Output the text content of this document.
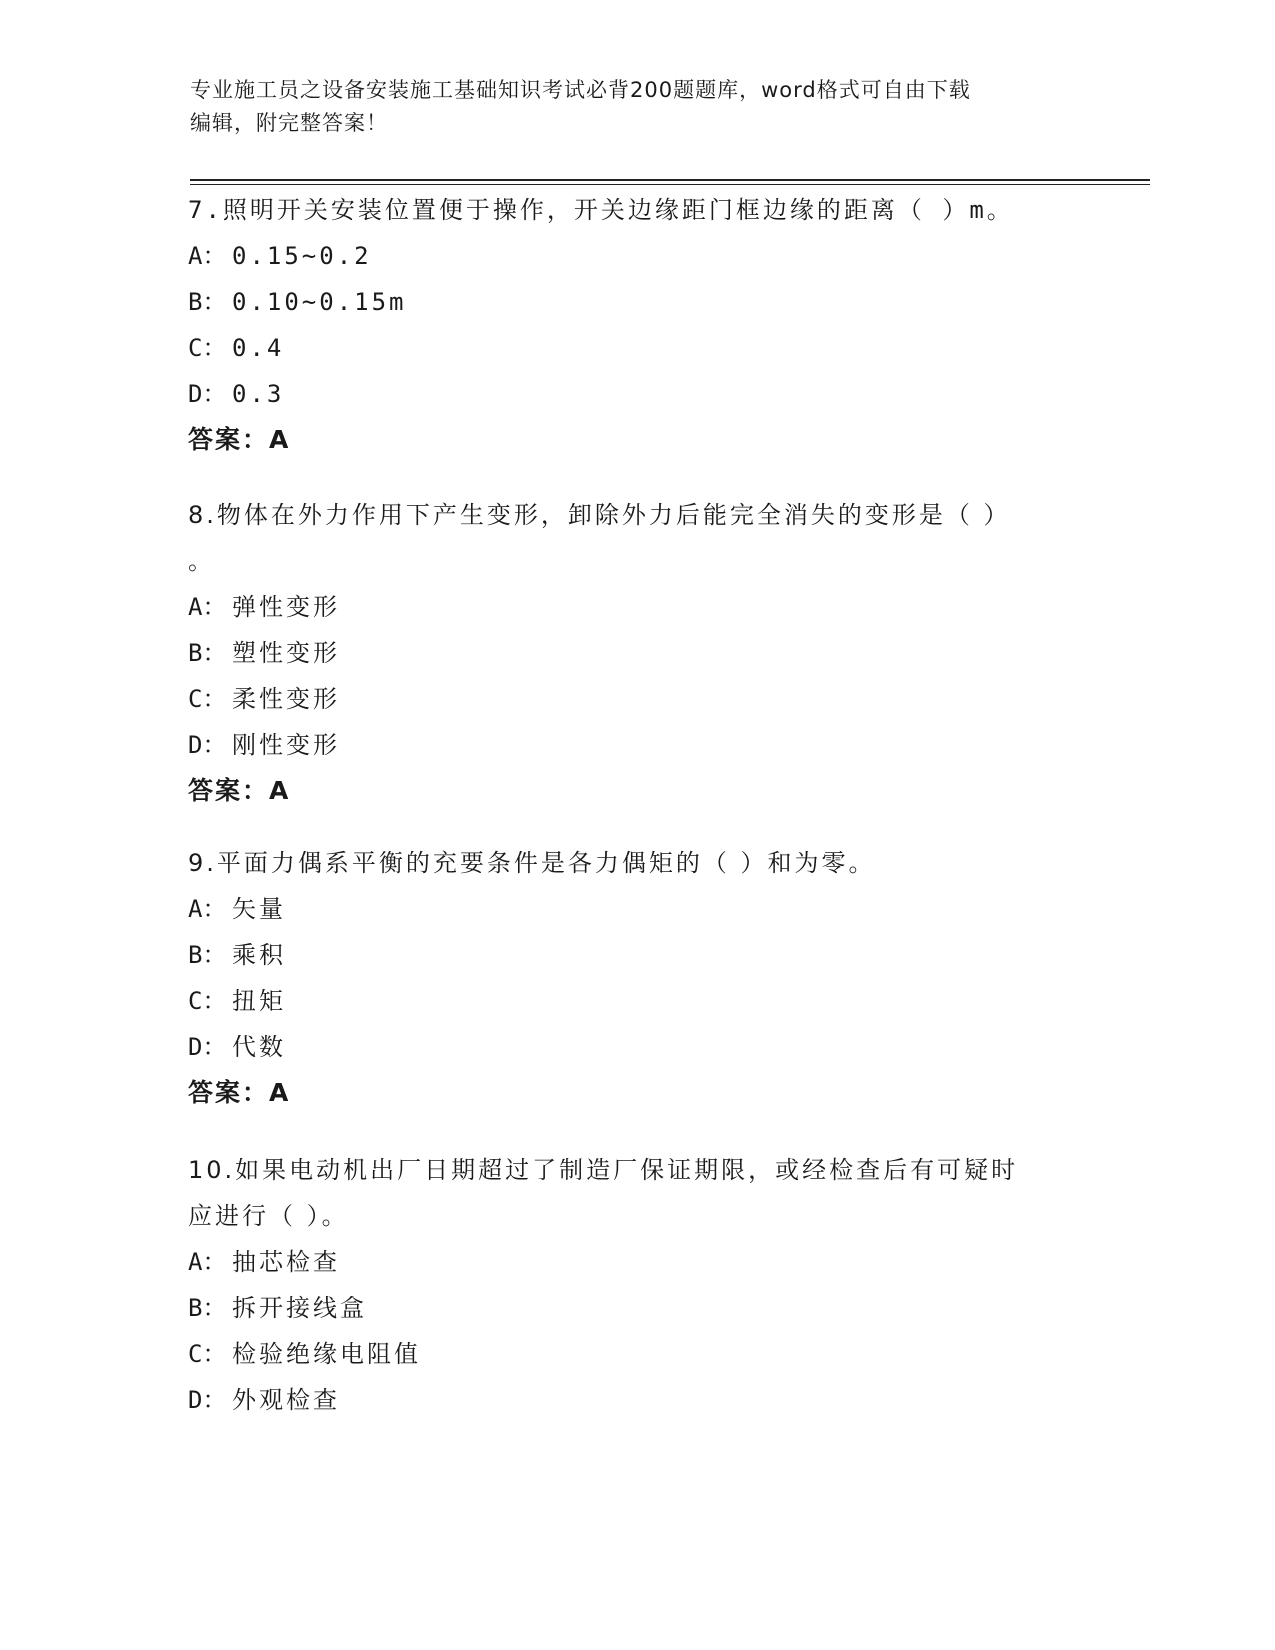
专业施工员之设备安装施工基础知识考试必背200题题库，word格式可自由下载
编辑，附完整答案！
7.照明开关安装位置便于操作，开关边缘距门框边缘的距离（ ）m。
A： 0.15~0.2
B： 0.10~0.15m
C： 0.4
D： 0.3
答案：A
8.物体在外力作用下产生变形，卸除外力后能完全消失的变形是（ ）
。
A： 弹性变形
B： 塑性变形
C： 柔性变形
D： 刚性变形
答案：A
9.平面力偶系平衡的充要条件是各力偶矩的（ ）和为零。
A： 矢量
B： 乘积
C： 扭矩
D： 代数
答案：A
10.如果电动机出厂日期超过了制造厂保证期限，或经检查后有可疑时
应进行（ ）。
A： 抽芯检查
B： 拆开接线盒
C： 检验绝缘电阻值
D： 外观检查
